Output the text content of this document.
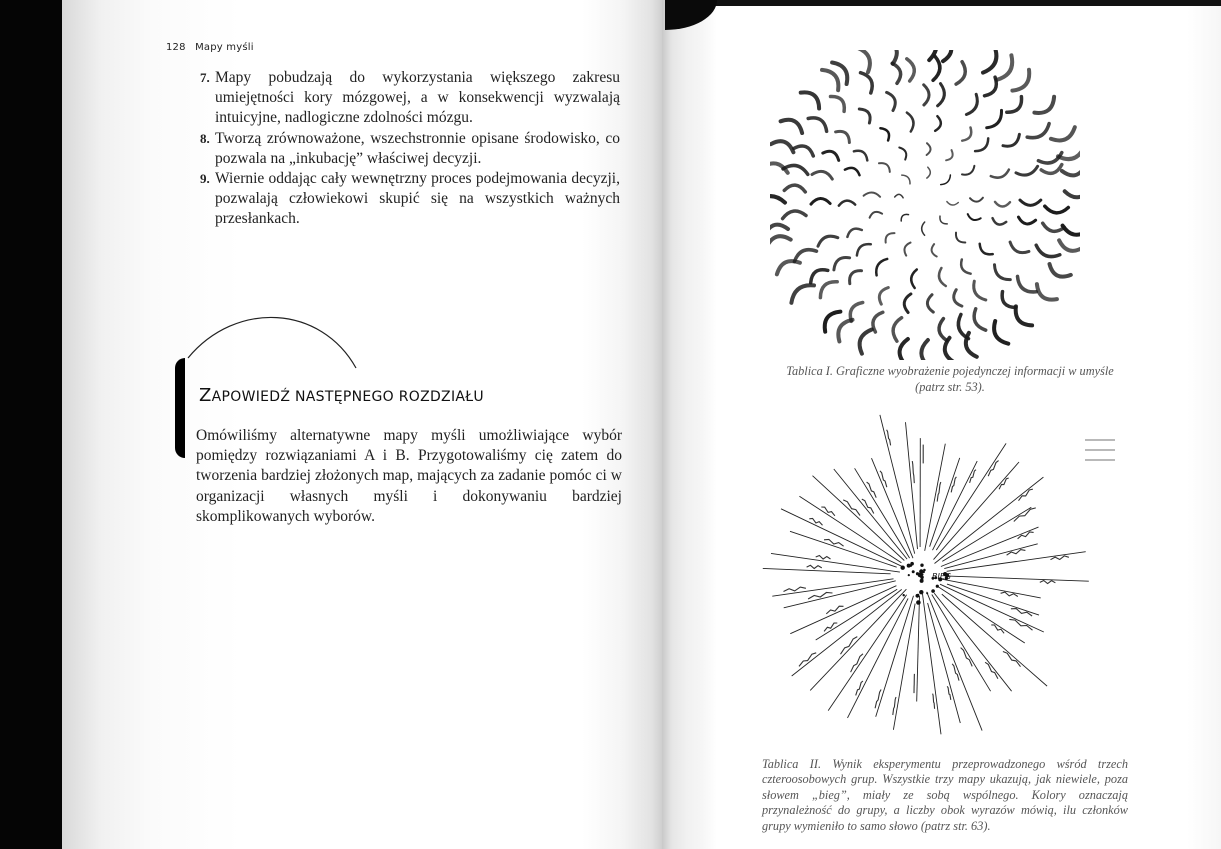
128 Mapy myśli
7. Mapy pobudzają do wykorzystania większego zakresu umiejętności kory mózgowej, a w konsekwencji wyzwalają intuicyjne, nadlogiczne zdolności mózgu.
8. Tworzą zrównoważone, wszechstronnie opisane środowisko, co pozwala na „inkubację” właściwej decyzji.
9. Wiernie oddając cały wewnętrzny proces podejmowania decyzji, pozwalają człowiekowi skupić się na wszystkich ważnych przesłankach.
ZAPOWIEDŹ NASTĘPNEGO ROZDZIAŁU

Omówiliśmy alternatywne mapy myśli umożliwiające wybór pomiędzy rozwiązaniami A i B. Przygotowaliśmy cię zatem do tworzenia bardziej złożonych map, mających za zadanie pomóc ci w organizacji własnych myśli i dokonywaniu bardziej skomplikowanych wyborów.

Tablica I. Graficzne wyobrażenie pojedynczej informacji w umyśle (patrz str. 53).

BIEG

Tablica II. Wynik eksperymentu przeprowadzonego wśród trzech czteroosobowych grup. Wszystkie trzy mapy ukazują, jak niewiele, poza słowem „bieg”, miały ze sobą wspólnego. Kolory oznaczają przynależność do grupy, a liczby obok wyrazów mówią, ilu członków grupy wymieniło to samo słowo (patrz str. 63).
